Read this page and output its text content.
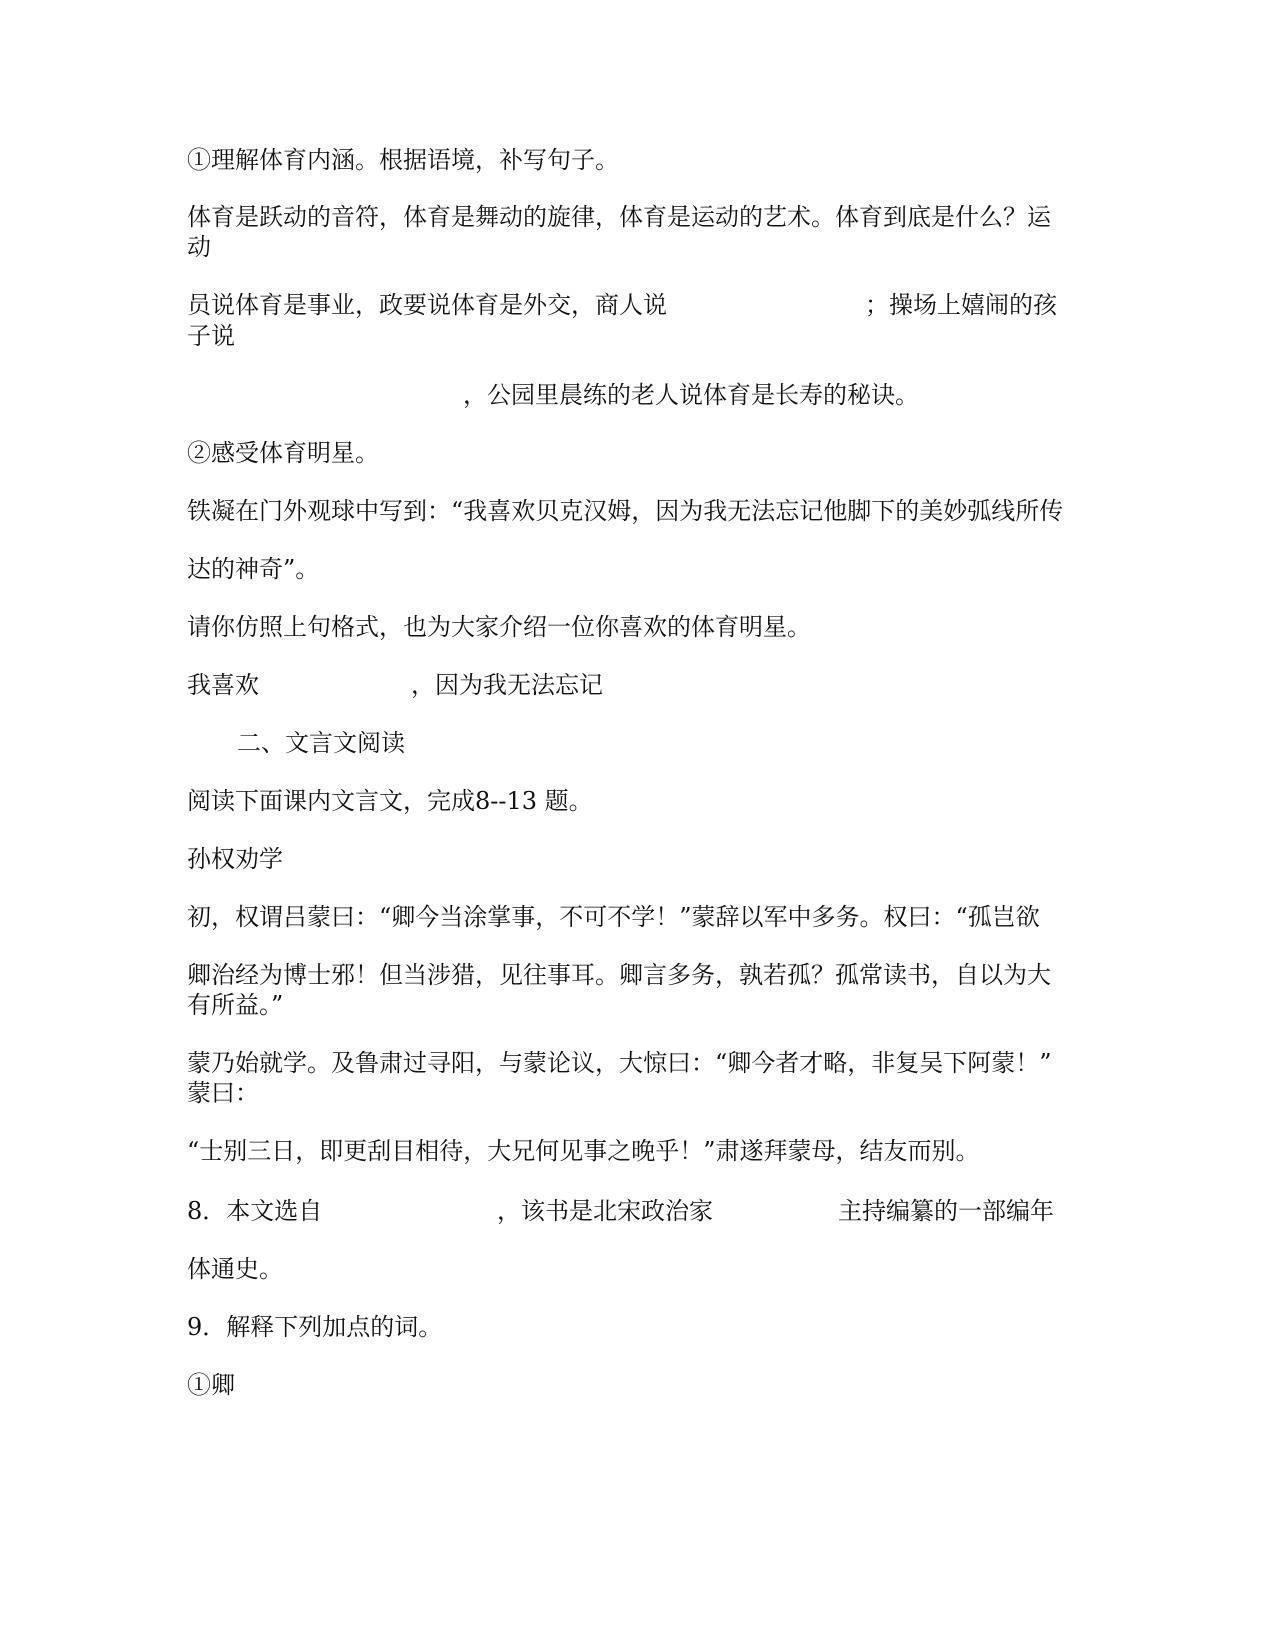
①理解体育内涵。根据语境，补写句子。

体育是跃动的音符，体育是舞动的旋律，体育是运动的艺术。体育到底是什么？运

动

员说体育是事业，政要说体育是外交，商人说	；操场上嬉闹的孩

子说

，公园里晨练的老人说体育是长寿的秘诀。

②感受体育明星。

铁凝在门外观球中写到：“我喜欢贝克汉姆，因为我无法忘记他脚下的美妙弧线所传

达的神奇”。

请你仿照上句格式，也为大家介绍一位你喜欢的体育明星。

我喜欢	，因为我无法忘记

二、文言文阅读

阅读下面课内文言文，完成8--13 题。

孙权劝学

初，权谓吕蒙曰：“卿今当涂掌事，不可不学！”蒙辞以军中多务。权曰：“孤岂欲

卿治经为博士邪！但当涉猎，见往事耳。卿言多务，孰若孤？孤常读书，自以为大

有所益。”

蒙乃始就学。及鲁肃过寻阳，与蒙论议，大惊曰：“卿今者才略，非复吴下阿蒙！”

蒙曰：

“士别三日，即更刮目相待，大兄何见事之晚乎！”肃遂拜蒙母，结友而别。

8．本文选自	，该书是北宋政治家	主持编纂的一部编年

体通史。

9．解释下列加点的词。

①卿
